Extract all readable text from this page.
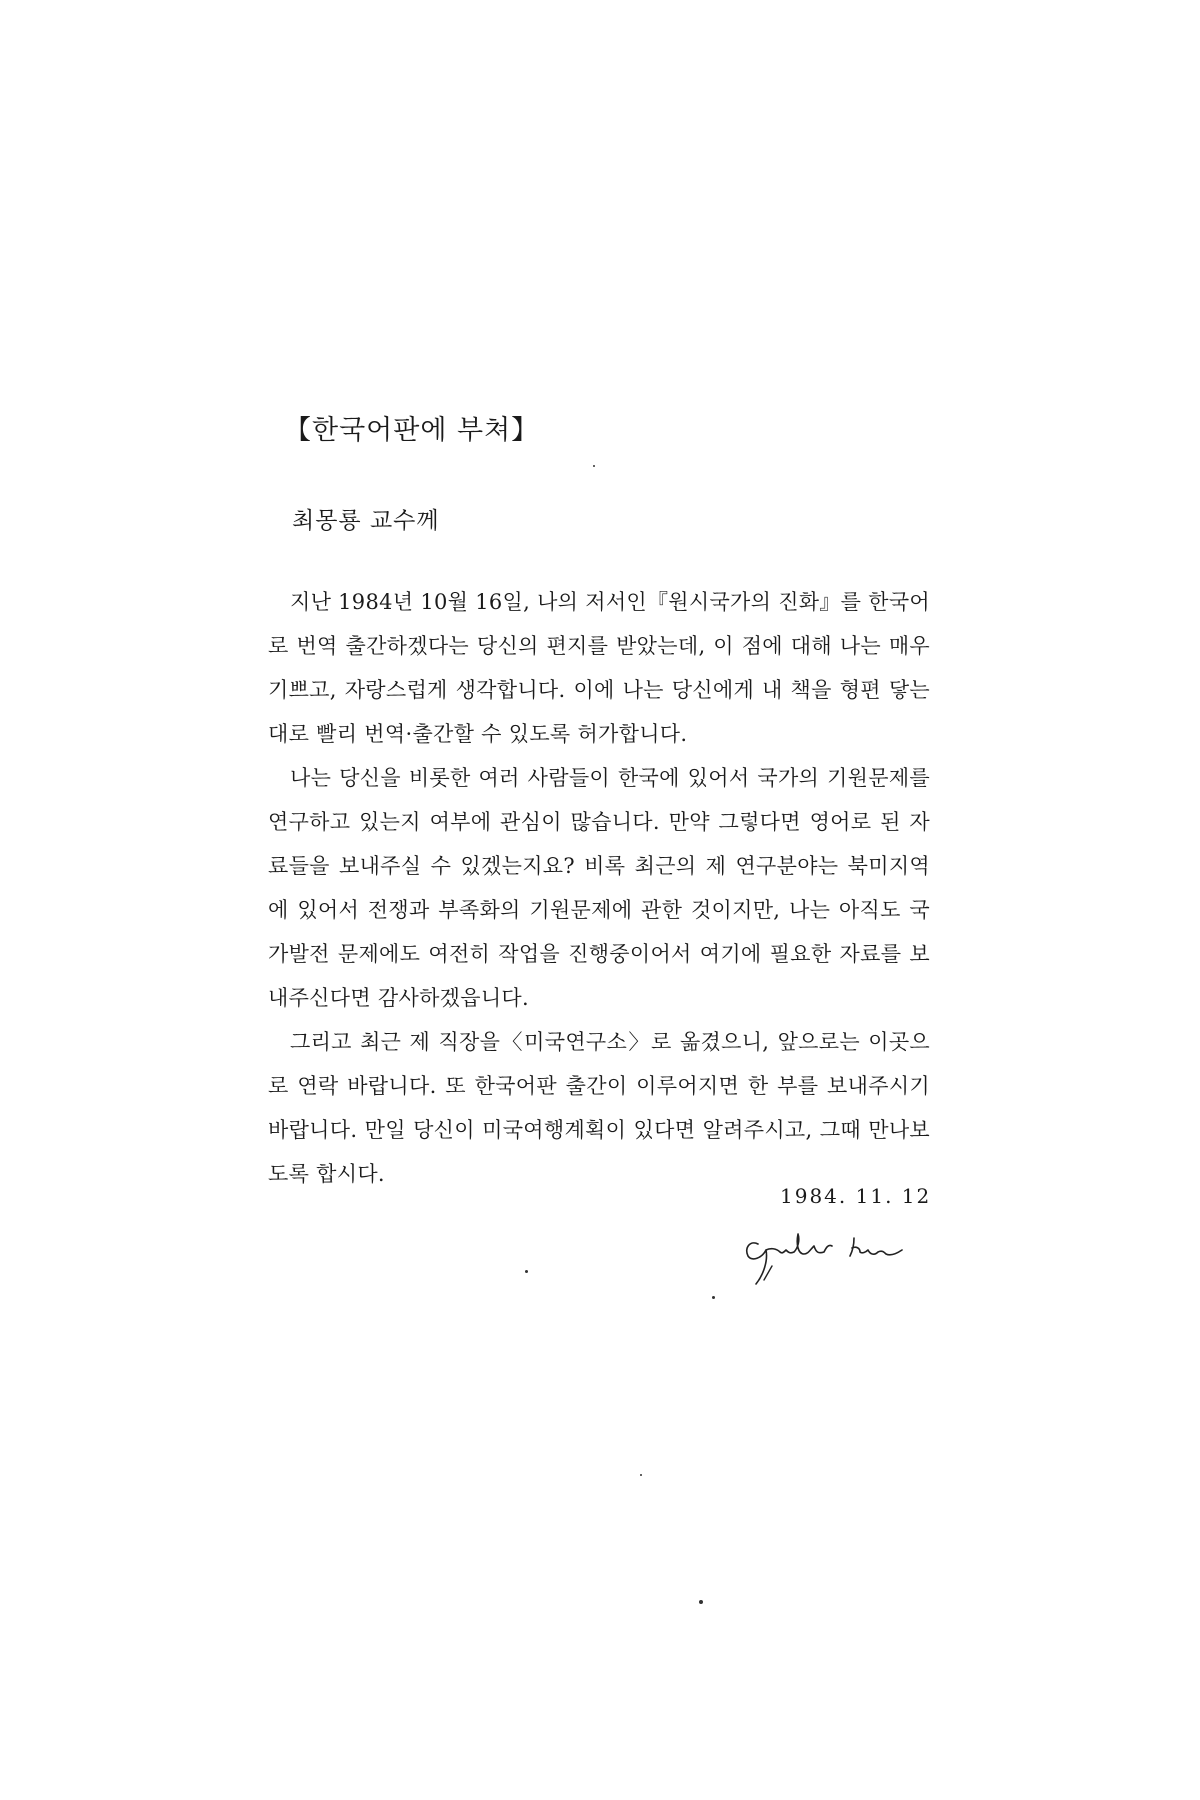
【한국어판에 부쳐】
최몽룡 교수께

지난 1984년 10월 16일, 나의 저서인『원시국가의 진화』를 한국어로 번역 출간하겠다는 당신의 편지를 받았는데, 이 점에 대해 나는 매우 기쁘고, 자랑스럽게 생각합니다. 이에 나는 당신에게 내 책을 형편 닿는 대로 빨리 번역·출간할 수 있도록 허가합니다.

나는 당신을 비롯한 여러 사람들이 한국에 있어서 국가의 기원문제를 연구하고 있는지 여부에 관심이 많습니다. 만약 그렇다면 영어로 된 자료들을 보내주실 수 있겠는지요? 비록 최근의 제 연구분야는 북미지역에 있어서 전쟁과 부족화의 기원문제에 관한 것이지만, 나는 아직도 국가발전 문제에도 여전히 작업을 진행중이어서 여기에 필요한 자료를 보내주신다면 감사하겠읍니다.

그리고 최근 제 직장을〈미국연구소〉로 옮겼으니, 앞으로는 이곳으로 연락 바랍니다. 또 한국어판 출간이 이루어지면 한 부를 보내주시기 바랍니다. 만일 당신이 미국여행계획이 있다면 알려주시고, 그때 만나보도록 합시다.

1984. 11. 12
